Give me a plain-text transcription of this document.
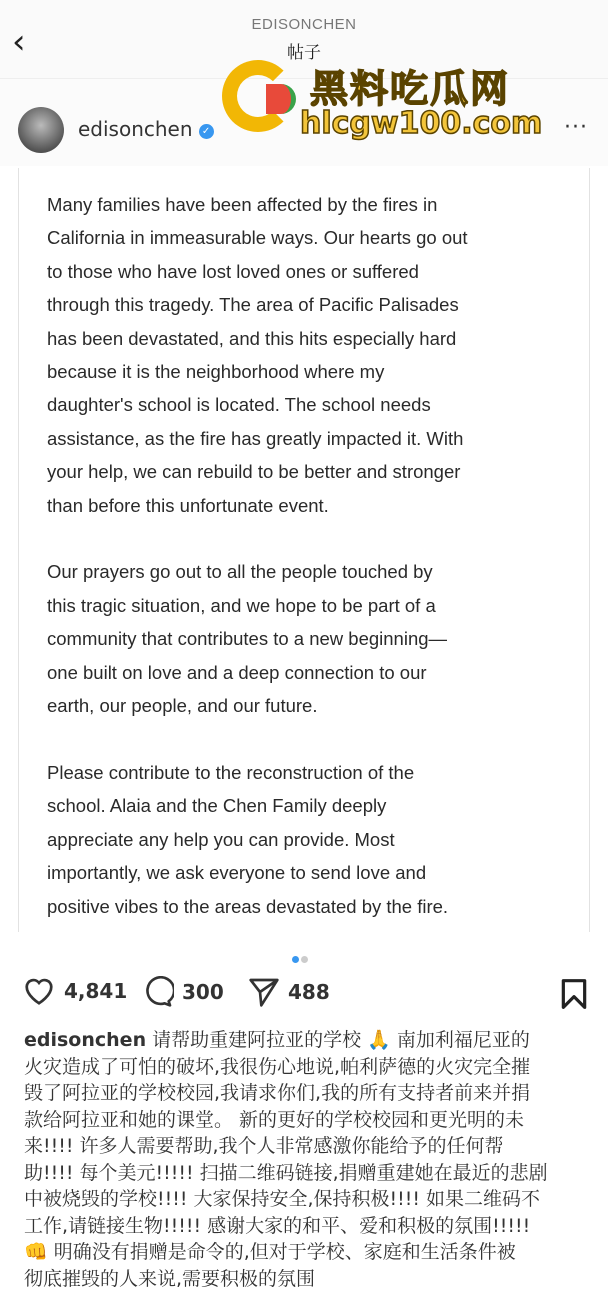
‹	EDISONCHEN
帖子
edisonchen ✓	···
黑料吃瓜网
hlcgw100.com

Many families have been affected by the fires in
California in immeasurable ways. Our hearts go out
to those who have lost loved ones or suffered
through this tragedy. The area of Pacific Palisades
has been devastated, and this hits especially hard
because it is the neighborhood where my
daughter's school is located. The school needs
assistance, as the fire has greatly impacted it. With
your help, we can rebuild to be better and stronger
than before this unfortunate event.

Our prayers go out to all the people touched by
this tragic situation, and we hope to be part of a
community that contributes to a new beginning—
one built on love and a deep connection to our
earth, our people, and our future.

Please contribute to the reconstruction of the
school. Alaia and the Chen Family deeply
appreciate any help you can provide. Most
importantly, we ask everyone to send love and
positive vibes to the areas devastated by the fire.

4,841	300	488
edisonchen 请帮助重建阿拉亚的学校 🙏 南加利福尼亚的
火灾造成了可怕的破坏,我很伤心地说,帕利萨德的火灾完全摧
毁了阿拉亚的学校校园,我请求你们,我的所有支持者前来并捐
款给阿拉亚和她的课堂。 新的更好的学校校园和更光明的未
来!!!! 许多人需要帮助,我个人非常感激你能给予的任何帮
助!!!! 每个美元!!!!! 扫描二维码链接,捐赠重建她在最近的悲剧
中被烧毁的学校!!!! 大家保持安全,保持积极!!!! 如果二维码不
工作,请链接生物!!!!! 感谢大家的和平、爱和积极的氛围!!!!!
👊 明确没有捐赠是命令的,但对于学校、家庭和生活条件被
彻底摧毁的人来说,需要积极的氛围
